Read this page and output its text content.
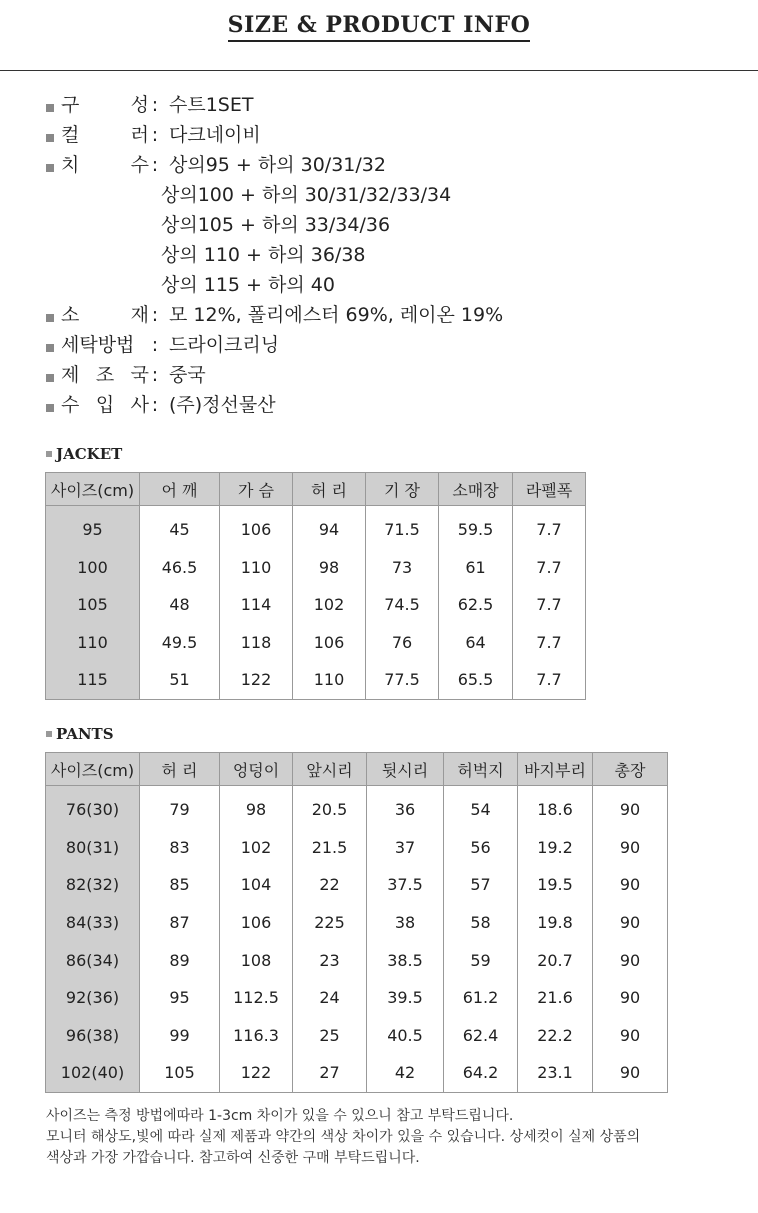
SIZE & PRODUCT INFO
구	성 : 수트1SET
컬	러 : 다크네이비
치	수 : 상의95 + 하의 30/31/32
상의100 + 하의 30/31/32/33/34
상의105 + 하의 33/34/36
상의 110 + 하의 36/38
상의 115 + 하의 40
소	재 : 모 12%, 폴리에스터 69%, 레이온 19%
세탁방법 : 드라이크리닝
제 조 국 : 중국
수 입 사 : (주)정선물산
JACKET
사이즈(cm)	어 깨	가 슴	허 리	기 장	소매장	라펠폭

95	45	106	94	71.5	59.5	7.7
100	46.5	110	98	73	61	7.7
105	48	114	102	74.5	62.5	7.7
110	49.5	118	106	76	64	7.7
115	51	122	110	77.5	65.5	7.7
PANTS
사이즈(cm)	허 리	엉덩이	앞시리	뒷시리	허벅지	바지부리	총장

76(30)	79	98	20.5	36	54	18.6	90
80(31)	83	102	21.5	37	56	19.2	90
82(32)	85	104	22	37.5	57	19.5	90
84(33)	87	106	225	38	58	19.8	90
86(34)	89	108	23	38.5	59	20.7	90
92(36)	95	112.5	24	39.5	61.2	21.6	90
96(38)	99	116.3	25	40.5	62.4	22.2	90
102(40)	105	122	27	42	64.2	23.1	90
사이즈는 측정 방법에따라 1-3cm 차이가 있을 수 있으니 참고 부탁드립니다.
모니터 해상도,빛에 따라 실제 제품과 약간의 색상 차이가 있을 수 있습니다. 상세컷이 실제 상품의
색상과 가장 가깝습니다. 참고하여 신중한 구매 부탁드립니다.
